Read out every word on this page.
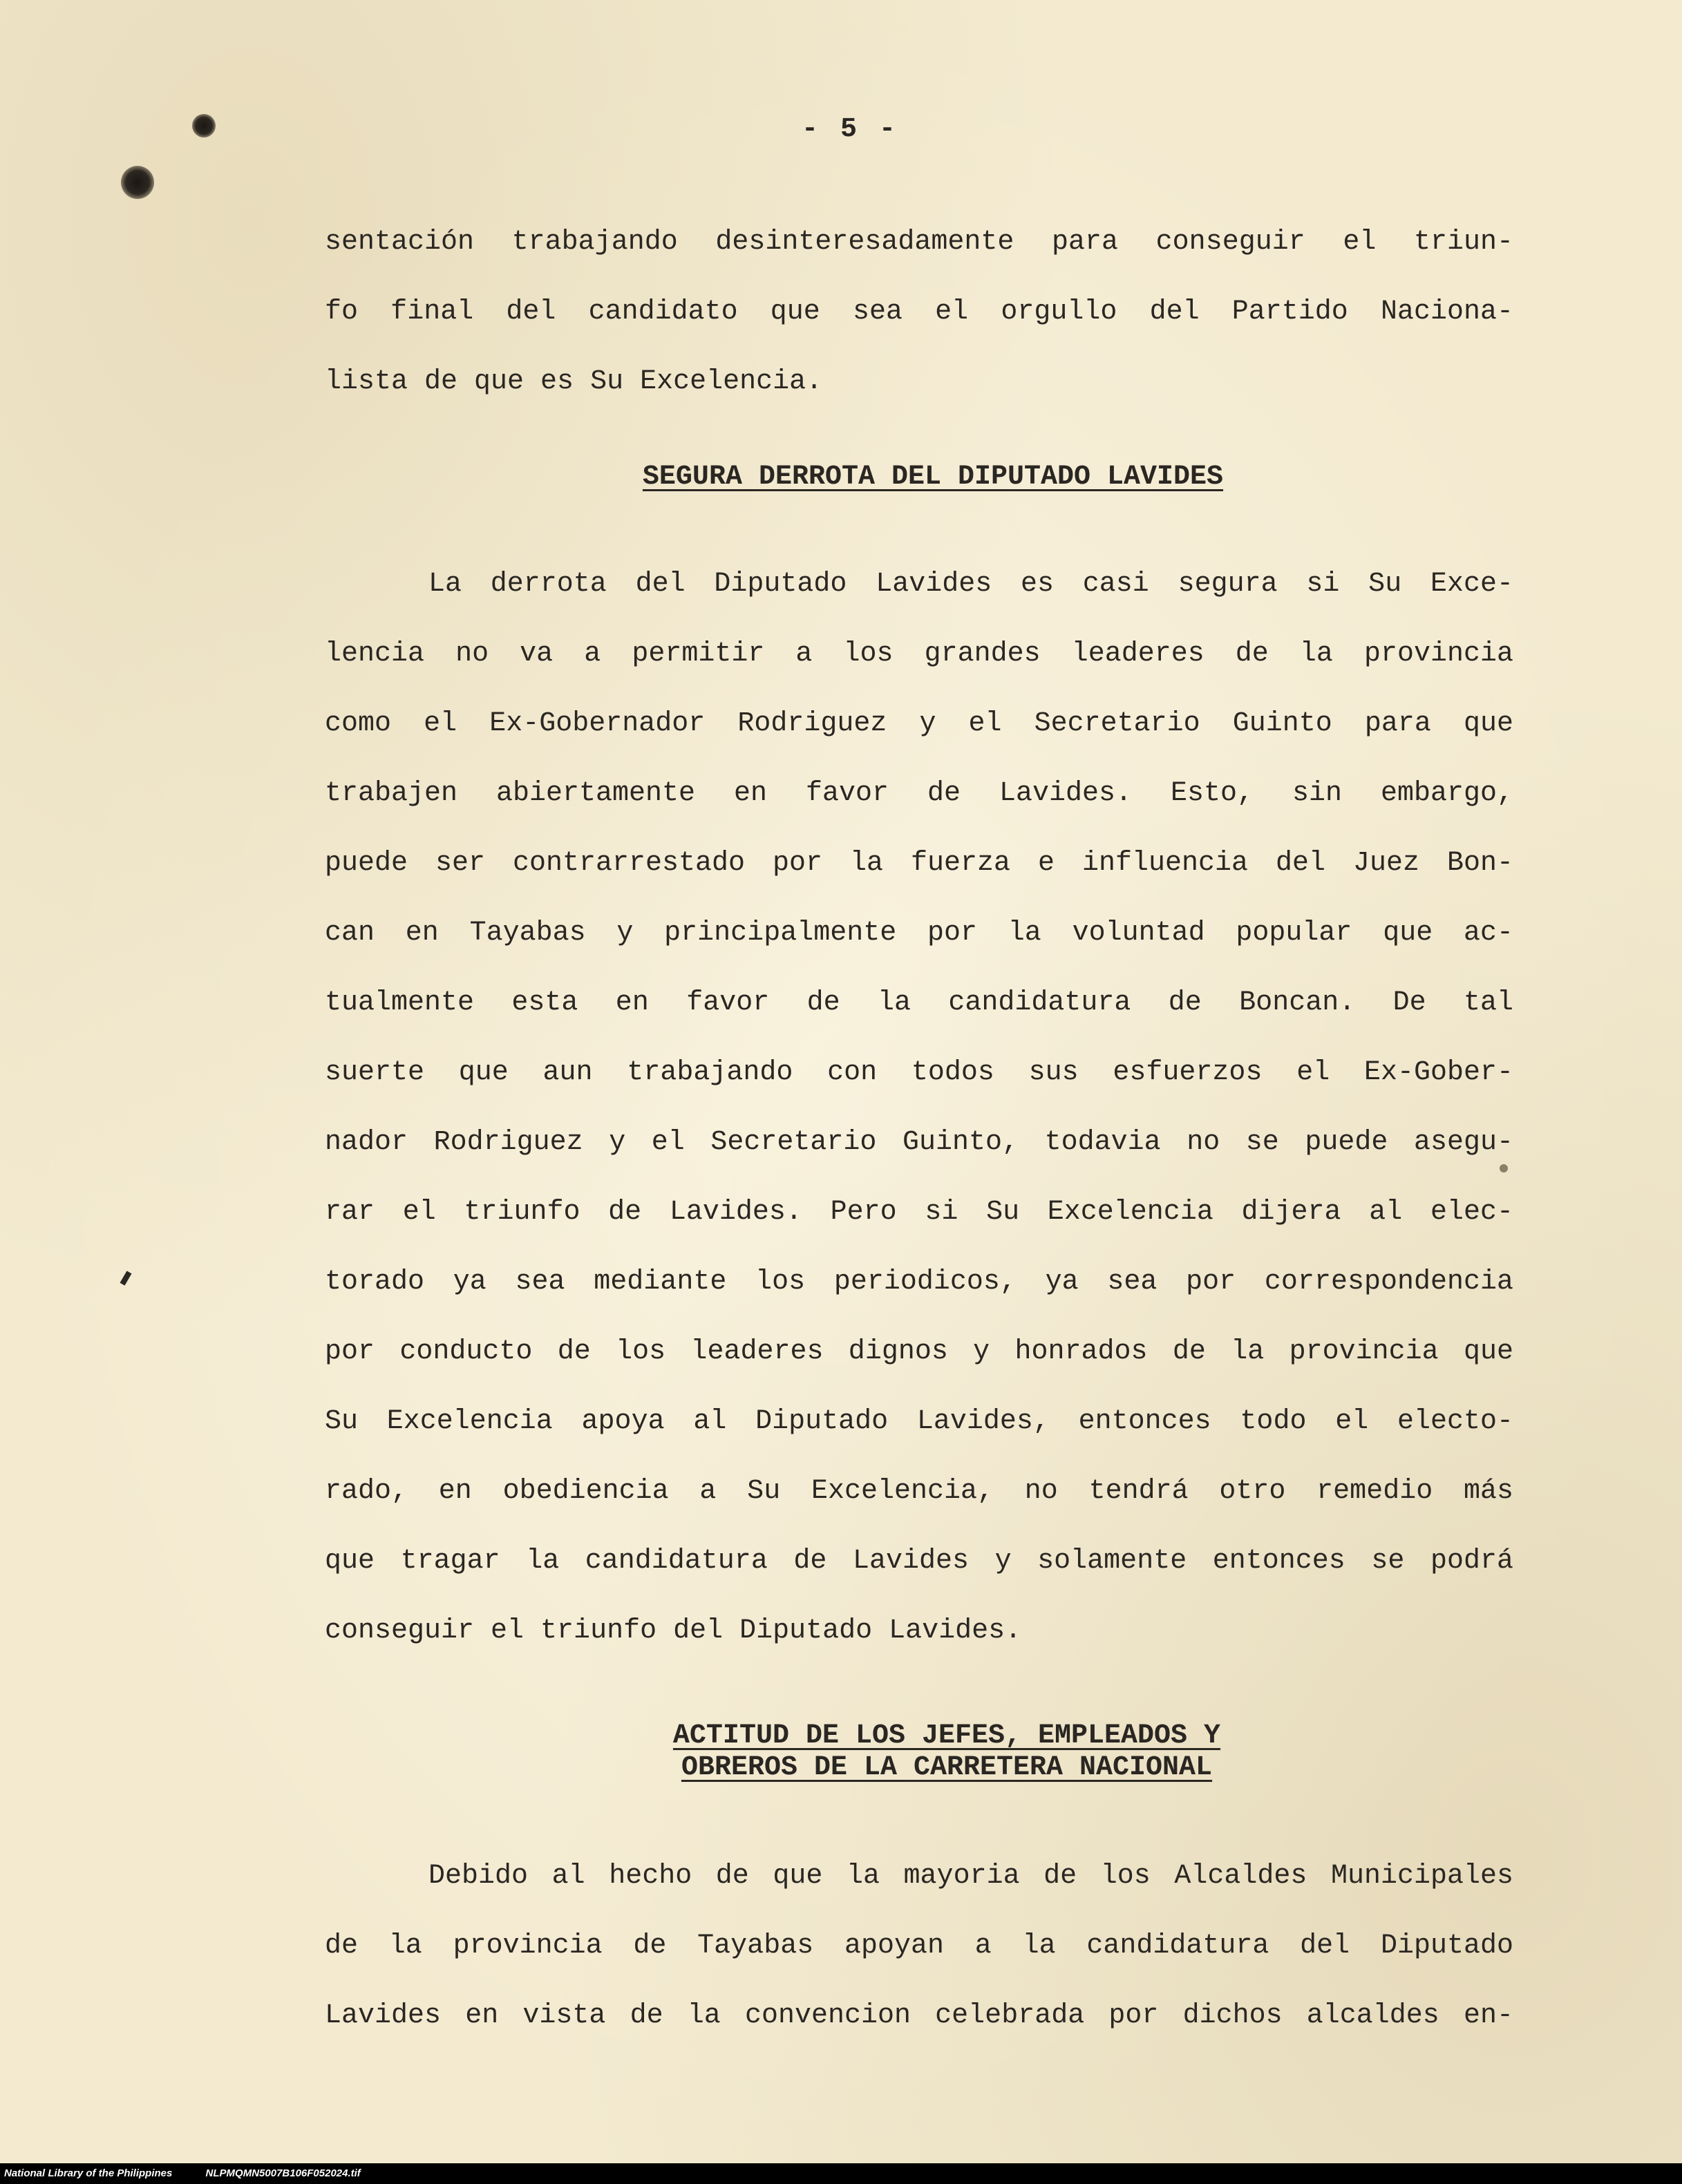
- 5 -
sentación trabajando desinteresadamente para conseguir el triun-
fo final del candidato que sea el orgullo del Partido Naciona-
lista de que es Su Excelencia.
SEGURA DERROTA DEL DIPUTADO LAVIDES
La derrota del Diputado Lavides es casi segura si Su Exce-
lencia no va a permitir a los grandes leaderes de la provincia
como el Ex-Gobernador Rodriguez y el Secretario Guinto para que
trabajen abiertamente en favor de Lavides. Esto, sin embargo,
puede ser contrarrestado por la fuerza e influencia del Juez Bon-
can en Tayabas y principalmente por la voluntad popular que ac-
tualmente esta en favor de la candidatura de Boncan. De tal
suerte que aun trabajando con todos sus esfuerzos el Ex-Gober-
nador Rodriguez y el Secretario Guinto, todavia no se puede asegu-
rar el triunfo de Lavides. Pero si Su Excelencia dijera al elec-
torado ya sea mediante los periodicos, ya sea por correspondencia
por conducto de los leaderes dignos y honrados de la provincia que
Su Excelencia apoya al Diputado Lavides, entonces todo el electo-
rado, en obediencia a Su Excelencia, no tendrá otro remedio más
que tragar la candidatura de Lavides y solamente entonces se podrá
conseguir el triunfo del Diputado Lavides.
ACTITUD DE LOS JEFES, EMPLEADOS Y
OBREROS DE LA CARRETERA NACIONAL
Debido al hecho de que la mayoria de los Alcaldes Municipales
de la provincia de Tayabas apoyan a la candidatura del Diputado
Lavides en vista de la convencion celebrada por dichos alcaldes en-
National Library of the Philippines	NLPMQMN5007B106F052024.tif
